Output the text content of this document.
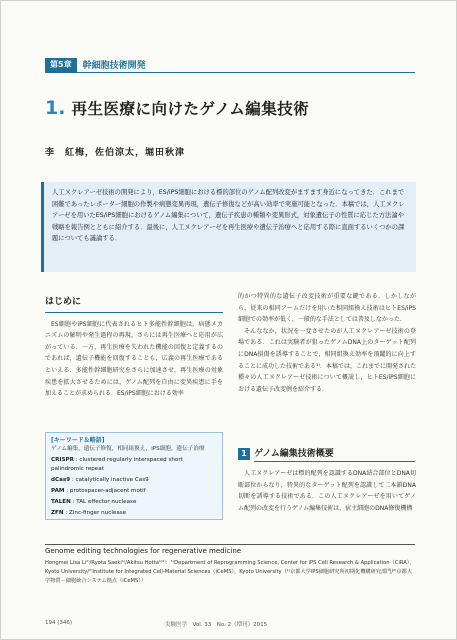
第5章	幹細胞技術開発
1. 再生医療に向けたゲノム編集技術
李　紅梅，佐伯涼太，堀田秋津
人工ヌクレアーゼ技術の開発により，ES/iPS細胞における標的部位のゲノム配列改変がますます身近になってきた．これまで困難であったレポーター細胞の作製や病態変異再現，遺伝子修復などが高い効率で実施可能となった．本稿では，人工ヌクレアーゼを用いたES/iPS細胞におけるゲノム編集について，遺伝子疾患の種類や変異形式，対象遺伝子の性質に応じた方法論や戦略を報告例とともに紹介する．最後に，人工ヌクレアーゼを再生医療や遺伝子治療へと応用する際に直面するいくつかの課題についても議論する．
はじめに

ES細胞やiPS細胞に代表されるヒト多能性幹細胞は，病態メカニズムの解明や発生過程の再現，さらには再生医療へと応用が広がっている．一方，再生医療を失われた機能の回復と定義するのであれば，遺伝子機能を回復することも，広義の再生医療であるといえる．多能性幹細胞研究をさらに加速させ，再生医療の対象疾患を拡大させるためには，ゲノム配列を自由に変異疾患に手を加えることが求められる．ES/iPS細胞における効率

[キーワード＆略語]
ゲノム編集，遺伝子修復，相同組換え，iPS細胞，遺伝子治療
CRISPR : clustered regularly interspaced short palindromic repeat
dCas9 : catalytically inactive Cas9
PAM : protospacer-adjacent motif
TALEN : TAL effector nuclease
ZFN : Zinc-finger nuclease

的かつ特異的な遺伝子改変技術が重要な鍵である．しかしながら，従来の相同アームだけを用いた相同組換え技術はヒトES/iPS細胞での効率が低く，一般的な手法としては普及しなかった．

そんななか，状況を一変させたのが人工ヌクレアーゼ技術の登場である．これは実験者が狙ったゲノムDNA上のターゲット配列にDNA損傷を誘導することで，相同組換え効率を飛躍的に向上することに成功した技術である¹⁾．本稿では，これまでに開発された種々の人工ヌクレアーゼ技術について概説し，ヒトES/iPS細胞における遺伝子改変例を紹介する．

1 ゲノム編集技術概要

人工ヌクレアーゼは標的配列を認識するDNA結合部位とDNA切断部位からなり，特異的なターゲット配列を認識して二本鎖DNA切断を誘導する技術である．この人工ヌクレアーゼを用いてゲノム配列の改変を行うゲノム編集技術は，宿主細胞のDNA修復機構

Genome editing technologies for regenerative medicine
Hongmei Lisa Li¹⁾/Ryota Saeki¹⁾/Akitsu Hotta¹⁾²⁾：¹⁾Department of Reprogramming Science, Center for iPS Cell Research & Application（CiRA），Kyoto University/²⁾Institute for Integrated Cell-Material Sciences（iCeMS），Kyoto University（¹⁾京都大学iPS細胞研究所初期化機構研究部門/²⁾京都大学物質－細胞統合システム拠点（iCeMS））
194 (346)	実験医学　Vol. 33　No. 2（増刊）2015
